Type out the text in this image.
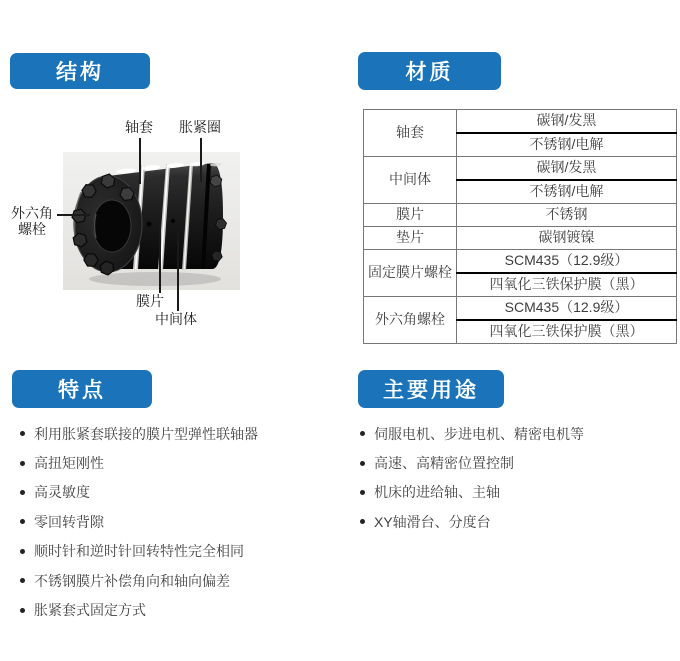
结构	材质
特点	主要用途
轴套	胀紧圈
外六角
螺栓
膜片
中间体
轴套	碳钢/发黑
	不锈钢/电解
中间体	碳钢/发黑
	不锈钢/电解
膜片	不锈钢
垫片	碳钢镀镍
固定膜片螺栓	SCM435（12.9级）
	四氧化三铁保护膜（黑）
外六角螺栓	SCM435（12.9级）
	四氧化三铁保护膜（黑）
利用胀紧套联接的膜片型弹性联轴器
高扭矩刚性
高灵敏度
零回转背隙
顺时针和逆时针回转特性完全相同
不锈钢膜片补偿角向和轴向偏差
胀紧套式固定方式
伺服电机、步进电机、精密电机等
高速、高精密位置控制
机床的进给轴、主轴
XY轴滑台、分度台
